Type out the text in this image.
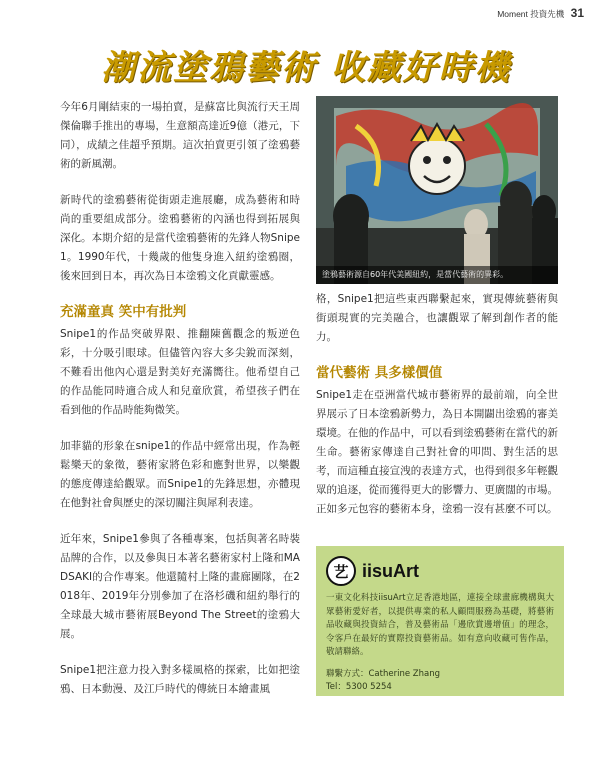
Moment 投資先機 31
潮流塗鴉藝術 收藏好時機

今年6月剛結束的一場拍賣，是蘇富比與流行天王周傑倫聯手推出的專場，生意額高達近9億（港元，下同），成績之佳超乎預期。這次拍賣更引領了塗鴉藝術的新風潮。

新時代的塗鴉藝術從街頭走進展廳，成為藝術和時尚的重要組成部分。塗鴉藝術的內涵也得到拓展與深化。本期介紹的是當代塗鴉藝術的先鋒人物Snipe1。1990年代，十幾歲的他隻身進入紐約塗鴉圈，後來回到日本，再次為日本塗鴉文化貢獻靈感。

充滿童真 笑中有批判

Snipe1的作品突破界限、推翻陳舊觀念的叛逆色彩，十分吸引眼球。但儘管內容大多尖銳而深刻，不難看出他內心還是對美好充滿嚮往。他希望自己的作品能同時適合成人和兒童欣賞，希望孩子們在看到他的作品時能夠微笑。

加菲貓的形象在snipe1的作品中經常出現，作為輕鬆樂天的象徵，藝術家將色彩和應對世界，以樂觀的態度傳達給觀眾。而Snipe1的先鋒思想，亦體現在他對社會與歷史的深切關注與犀利表達。

近年來，Snipe1參與了各種專案，包括與著名時裝品牌的合作，以及參與日本著名藝術家村上隆和MADSAKI的合作專案。他還隨村上隆的畫廊團隊，在2018年、2019年分別參加了在洛杉磯和紐約舉行的全球最大城市藝術展Beyond The Street的塗鴉大展。

Snipe1把注意力投入對多樣風格的探索，比如把塗鴉、日本動漫、及江戶時代的傳統日本繪畫風

塗鴉藝術源自60年代美國紐約，是當代藝術的異彩。

格，Snipe1把這些東西聯繫起來，實現傳統藝術與街頭現實的完美融合，也讓觀眾了解到創作者的能力。

當代藝術 具多樣價值

Snipe1走在亞洲當代城市藝術界的最前端，向全世界展示了日本塗鴉新勢力，為日本開闢出塗鴉的審美環境。在他的作品中，可以看到塗鴉藝術在當代的新生命。藝術家傳達自己對社會的叩問、對生活的思考，而這種直接宣洩的表達方式，也得到很多年輕觀眾的追逐，從而獲得更大的影響力、更廣闊的市場。正如多元包容的藝術本身，塗鴉一沒有甚麼不可以。

艺 iisuArt
一東文化科技iisuArt立足香港地區，連接全球畫廊機構與大眾藝術愛好者，以提供專業的私人顧問服務為基礎，將藝術品收藏與投資結合，普及藝術品「邊欣賞邊增值」的理念，令客戶在最好的實際投資藝術品。如有意向收藏可售作品，敬請聯絡。
聯繫方式：Catherine Zhang
Tel：5300 5254
